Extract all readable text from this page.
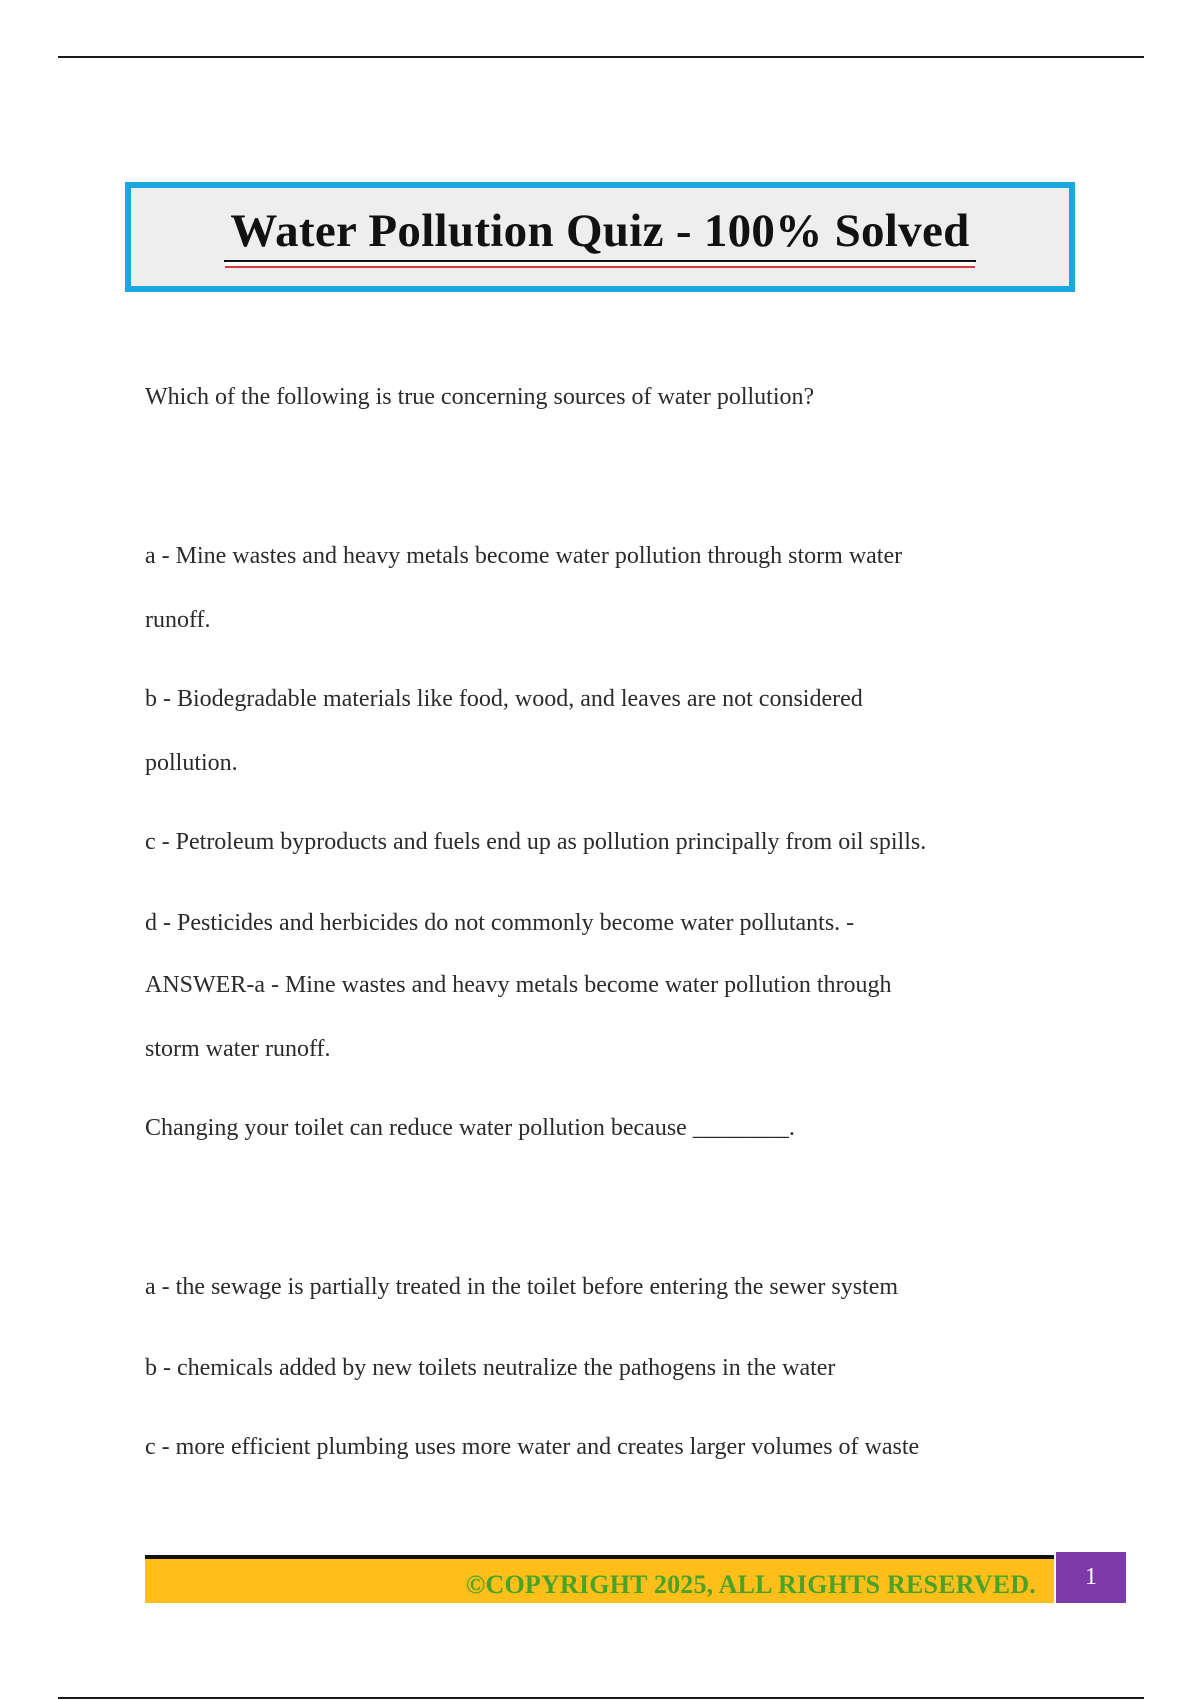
Water Pollution Quiz - 100% Solved
Which of the following is true concerning sources of water pollution?
a - Mine wastes and heavy metals become water pollution through storm water
runoff.
b - Biodegradable materials like food, wood, and leaves are not considered
pollution.
c - Petroleum byproducts and fuels end up as pollution principally from oil spills.
d - Pesticides and herbicides do not commonly become water pollutants. -
ANSWER-a - Mine wastes and heavy metals become water pollution through
storm water runoff.
Changing your toilet can reduce water pollution because ________.
a - the sewage is partially treated in the toilet before entering the sewer system
b - chemicals added by new toilets neutralize the pathogens in the water
c - more efficient plumbing uses more water and creates larger volumes of waste
©COPYRIGHT 2025, ALL RIGHTS RESERVED. 1
